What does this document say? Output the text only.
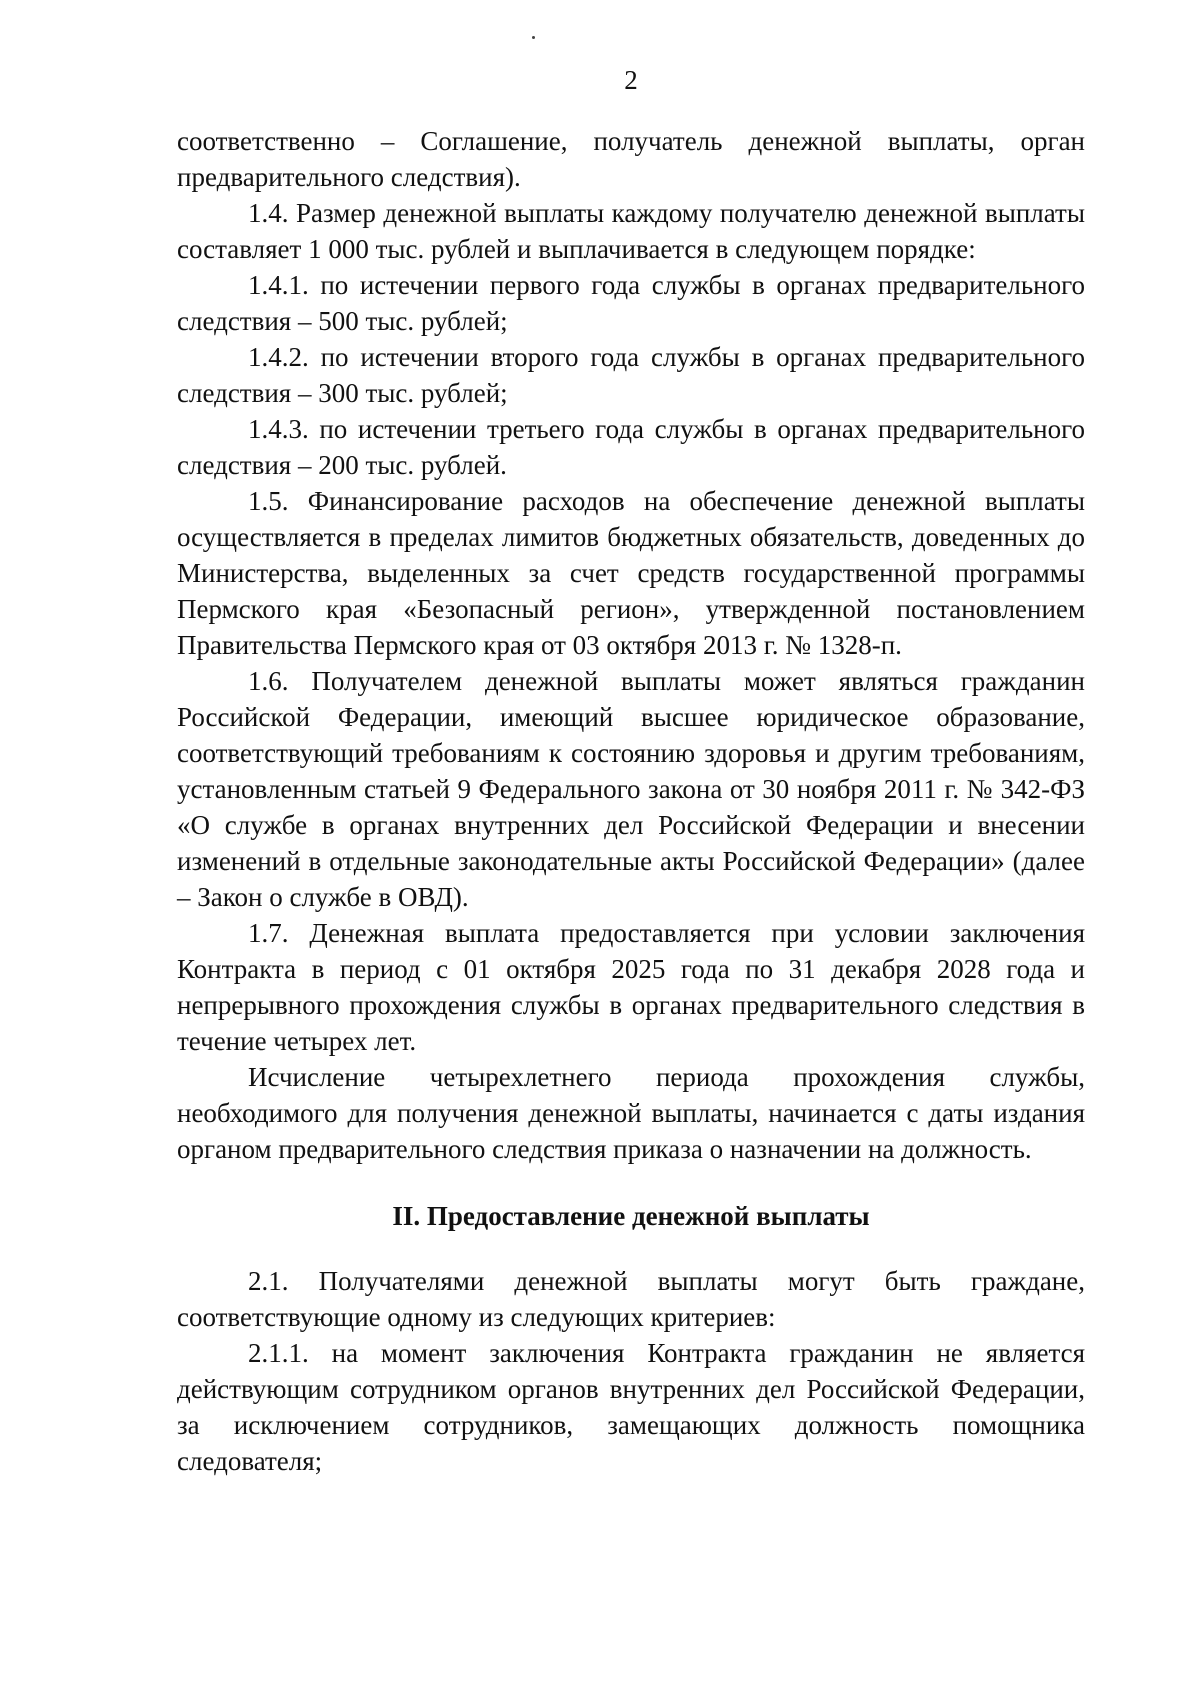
2

соответственно – Соглашение, получатель денежной выплаты, орган предварительного следствия).

1.4. Размер денежной выплаты каждому получателю денежной выплаты составляет 1 000 тыс. рублей и выплачивается в следующем порядке:

1.4.1. по истечении первого года службы в органах предварительного следствия – 500 тыс. рублей;

1.4.2. по истечении второго года службы в органах предварительного следствия – 300 тыс. рублей;

1.4.3. по истечении третьего года службы в органах предварительного следствия – 200 тыс. рублей.

1.5. Финансирование расходов на обеспечение денежной выплаты осуществляется в пределах лимитов бюджетных обязательств, доведенных до Министерства, выделенных за счет средств государственной программы Пермского края «Безопасный регион», утвержденной постановлением Правительства Пермского края от 03 октября 2013 г. № 1328-п.

1.6. Получателем денежной выплаты может являться гражданин Российской Федерации, имеющий высшее юридическое образование, соответствующий требованиям к состоянию здоровья и другим требованиям, установленным статьей 9 Федерального закона от 30 ноября 2011 г. № 342-ФЗ «О службе в органах внутренних дел Российской Федерации и внесении изменений в отдельные законодательные акты Российской Федерации» (далее – Закон о службе в ОВД).

1.7. Денежная выплата предоставляется при условии заключения Контракта в период с 01 октября 2025 года по 31 декабря 2028 года и непрерывного прохождения службы в органах предварительного следствия в течение четырех лет.

Исчисление четырехлетнего периода прохождения службы, необходимого для получения денежной выплаты, начинается с даты издания органом предварительного следствия приказа о назначении на должность.

II. Предоставление денежной выплаты

2.1. Получателями денежной выплаты могут быть граждане, соответствующие одному из следующих критериев:

2.1.1. на момент заключения Контракта гражданин не является действующим сотрудником органов внутренних дел Российской Федерации, за исключением сотрудников, замещающих должность помощника следователя;
